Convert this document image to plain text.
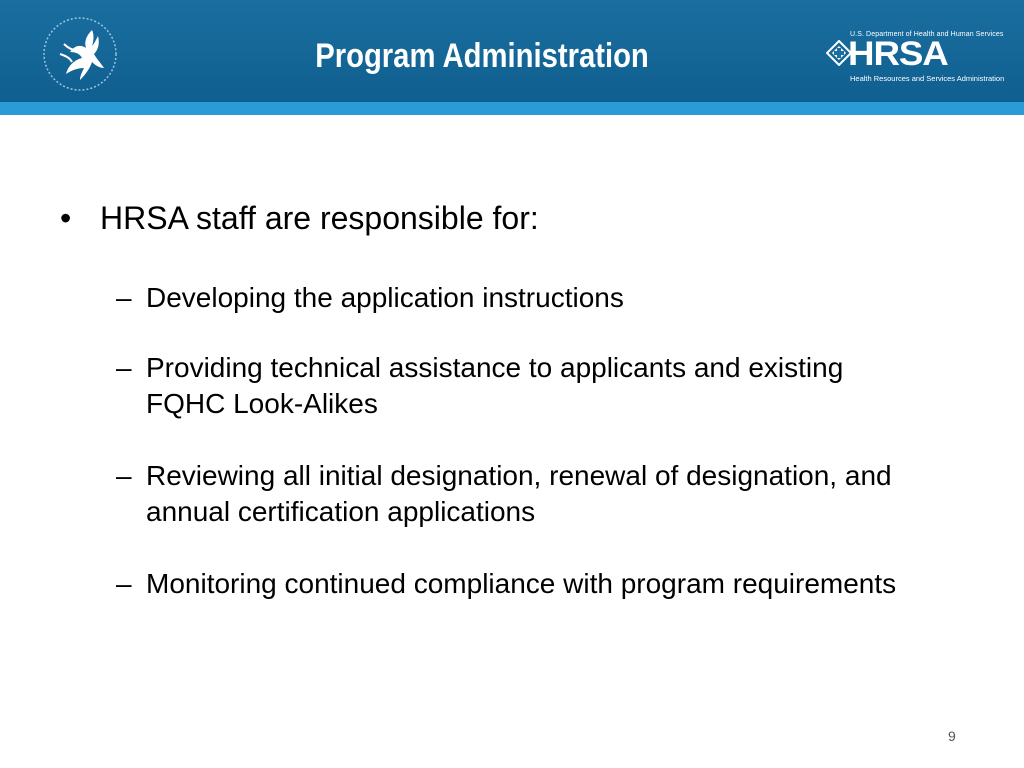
Program Administration
U.S. Department of Health and Human Services
HRSA
Health Resources and Services Administration
• HRSA staff are responsible for:
– Developing the application instructions
– Providing technical assistance to applicants and existing FQHC Look-Alikes
– Reviewing all initial designation, renewal of designation, and annual certification applications
– Monitoring continued compliance with program requirements
9
